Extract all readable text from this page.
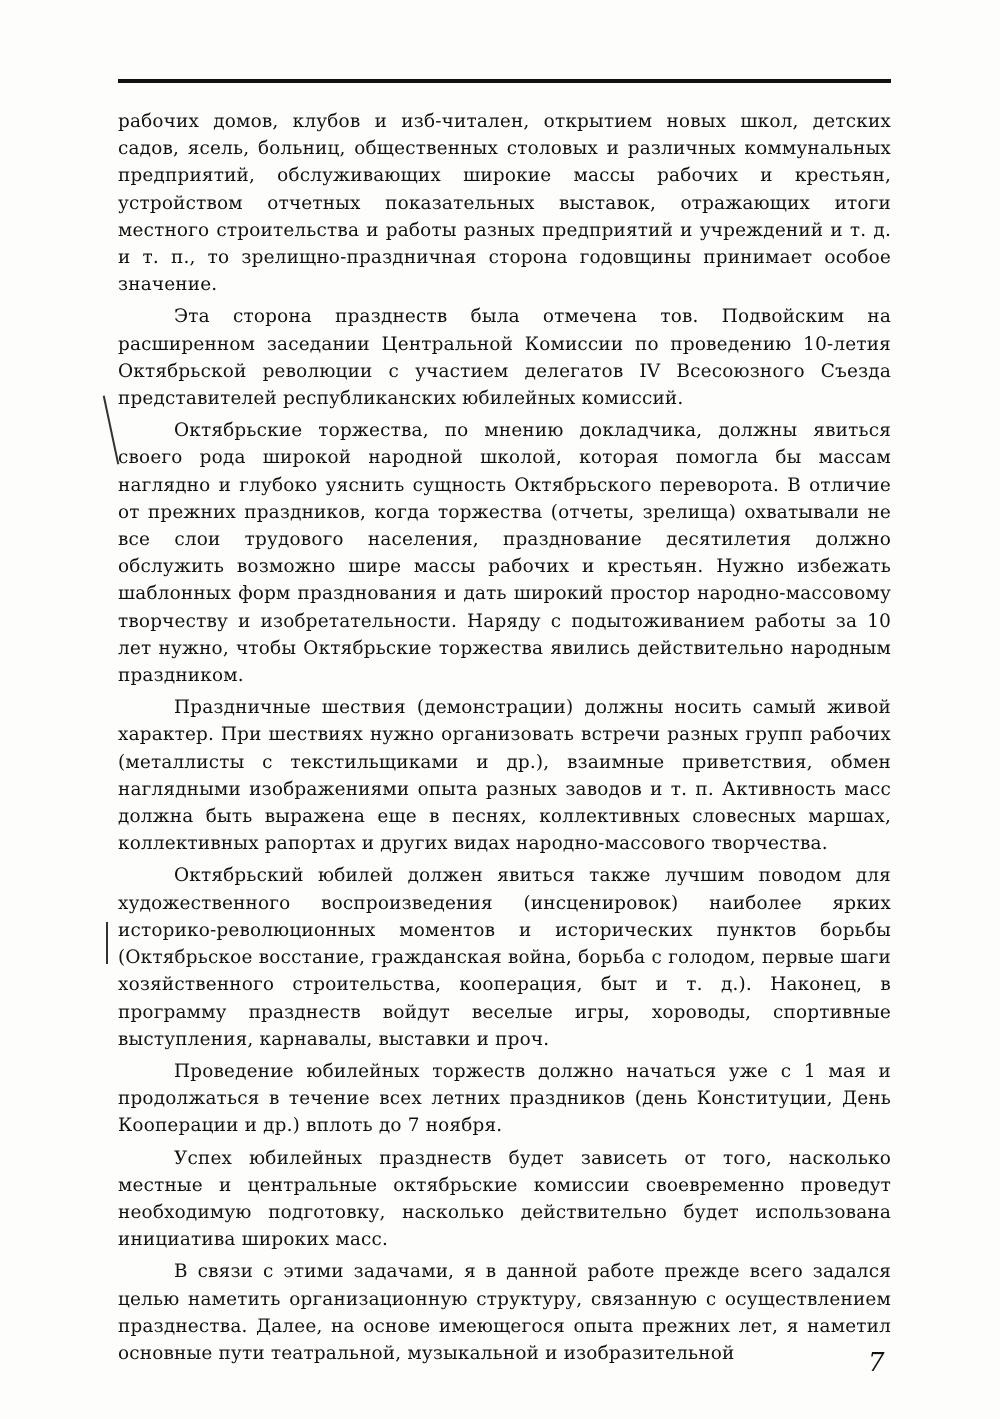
рабочих домов, клубов и изб-читален, открытием новых школ, детских садов, ясель, больниц, общественных столовых и различных коммунальных предприятий, обслуживающих широкие массы рабочих и крестьян, устройством отчетных показательных выставок, отражающих итоги местного строительства и работы разных предприятий и учреждений и т. д. и т. п., то зрелищно-праздничная сторона годовщины принимает особое значение.

Эта сторона празднеств была отмечена тов. Подвойским на расширенном заседании Центральной Комиссии по проведению 10-летия Октябрьской революции с участием делегатов IV Всесоюзного Съезда представителей республиканских юбилейных комиссий.

Октябрьские торжества, по мнению докладчика, должны явиться своего рода широкой народной школой, которая помогла бы массам наглядно и глубоко уяснить сущность Октябрьского переворота. В отличие от прежних праздников, когда торжества (отчеты, зрелища) охватывали не все слои трудового населения, празднование десятилетия должно обслужить возможно шире массы рабочих и крестьян. Нужно избежать шаблонных форм празднования и дать широкий простор народно-массовому творчеству и изобретательности. Наряду с подытоживанием работы за 10 лет нужно, чтобы Октябрьские торжества явились действительно народным праздником.

Праздничные шествия (демонстрации) должны носить самый живой характер. При шествиях нужно организовать встречи разных групп рабочих (металлисты с текстильщиками и др.), взаимные приветствия, обмен наглядными изображениями опыта разных заводов и т. п. Активность масс должна быть выражена еще в песнях, коллективных словесных маршах, коллективных рапортах и других видах народно-массового творчества.

Октябрьский юбилей должен явиться также лучшим поводом для художественного воспроизведения (инсценировок) наиболее ярких историко-революционных моментов и исторических пунктов борьбы (Октябрьское восстание, гражданская война, борьба с голодом, первые шаги хозяйственного строительства, кооперация, быт и т. д.). Наконец, в программу празднеств войдут веселые игры, хороводы, спортивные выступления, карнавалы, выставки и проч.

Проведение юбилейных торжеств должно начаться уже с 1 мая и продолжаться в течение всех летних праздников (день Конституции, День Кооперации и др.) вплоть до 7 ноября.

Успех юбилейных празднеств будет зависеть от того, насколько местные и центральные октябрьские комиссии своевременно проведут необходимую подготовку, насколько действительно будет использована инициатива широких масс.

В связи с этими задачами, я в данной работе прежде всего задался целью наметить организационную структуру, связанную с осуществлением празднества. Далее, на основе имеющегося опыта прежних лет, я наметил основные пути театральной, музыкальной и изобразительной	7
